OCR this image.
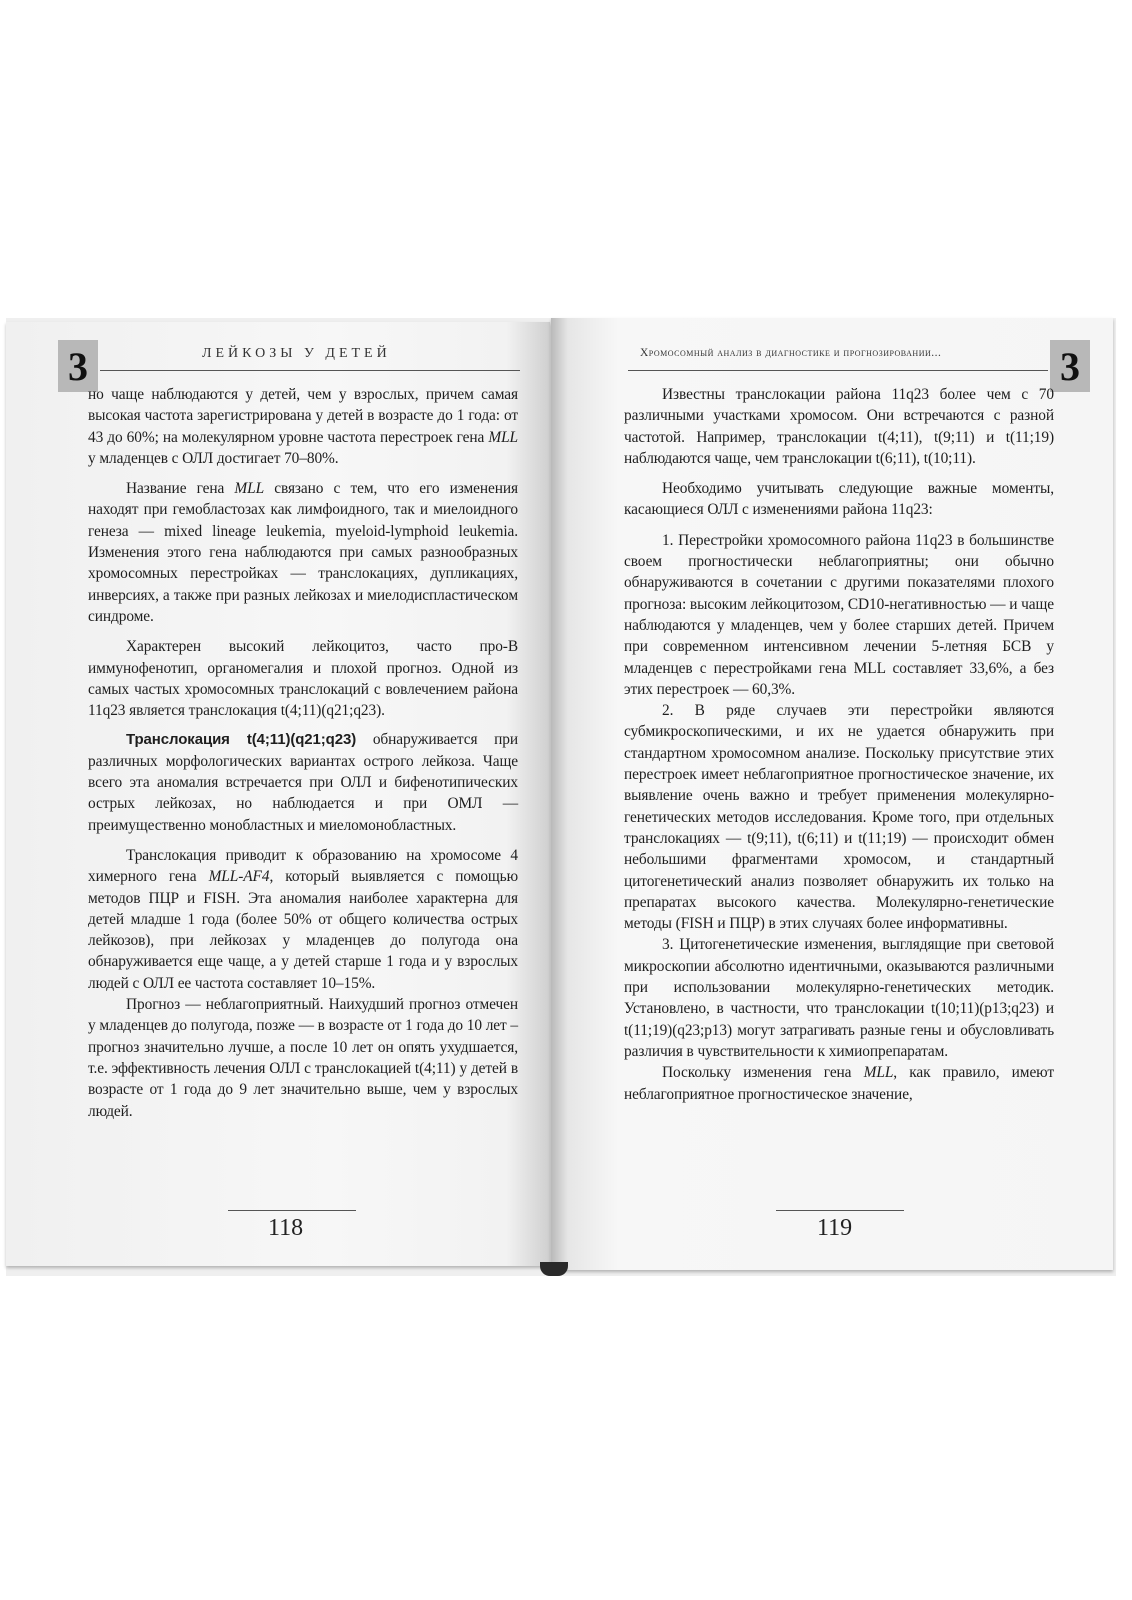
3	ЛЕЙКОЗЫ У ДЕТЕЙ	Хромосомный анализ в диагностике и прогнозировании...	3

но чаще наблюдаются у детей, чем у взрослых, причем самая высокая частота зарегистрирована у детей в возрасте до 1 года: от 43 до 60%; на молекулярном уровне частота перестроек гена MLL у младенцев с ОЛЛ достигает 70–80%.

Название гена MLL связано с тем, что его изменения находят при гемобластозах как лимфоидного, так и миелоидного генеза — mixed lineage leukemia, myeloid-lymphoid leukemia. Изменения этого гена наблюдаются при самых разнообразных хромосомных перестройках — транслокациях, дупликациях, инверсиях, а также при разных лейкозах и миелодиспластическом синдроме.

Характерен высокий лейкоцитоз, часто про-В иммунофенотип, органомегалия и плохой прогноз. Одной из самых частых хромосомных транслокаций с вовлечением района 11q23 является транслокация t(4;11)(q21;q23).

Транслокация t(4;11)(q21;q23) обнаруживается при различных морфологических вариантах острого лейкоза. Чаще всего эта аномалия встречается при ОЛЛ и бифенотипических острых лейкозах, но наблюдается и при ОМЛ — преимущественно монобластных и миеломонобластных.

Транслокация приводит к образованию на хромосоме 4 химерного гена MLL-AF4, который выявляется с помощью методов ПЦР и FISH. Эта аномалия наиболее характерна для детей младше 1 года (более 50% от общего количества острых лейкозов), при лейкозах у младенцев до полугода она обнаруживается еще чаще, а у детей старше 1 года и у взрослых людей с ОЛЛ ее частота составляет 10–15%.

Прогноз — неблагоприятный. Наихудший прогноз отмечен у младенцев до полугода, позже — в возрасте от 1 года до 10 лет – прогноз значительно лучше, а после 10 лет он опять ухудшается, т.е. эффективность лечения ОЛЛ с транслокацией t(4;11) у детей в возрасте от 1 года до 9 лет значительно выше, чем у взрослых людей.

Известны транслокации района 11q23 более чем с 70 различными участками хромосом. Они встречаются с разной частотой. Например, транслокации t(4;11), t(9;11) и t(11;19) наблюдаются чаще, чем транслокации t(6;11), t(10;11).

Необходимо учитывать следующие важные моменты, касающиеся ОЛЛ с изменениями района 11q23:

1. Перестройки хромосомного района 11q23 в большинстве своем прогностически неблагоприятны; они обычно обнаруживаются в сочетании с другими показателями плохого прогноза: высоким лейкоцитозом, CD10-негативностью — и чаще наблюдаются у младенцев, чем у более старших детей. Причем при современном интенсивном лечении 5-летняя БСВ у младенцев с перестройками гена MLL составляет 33,6%, а без этих перестроек — 60,3%.

2. В ряде случаев эти перестройки являются субмикроскопическими, и их не удается обнаружить при стандартном хромосомном анализе. Поскольку присутствие этих перестроек имеет неблагоприятное прогностическое значение, их выявление очень важно и требует применения молекулярно-генетических методов исследования. Кроме того, при отдельных транслокациях — t(9;11), t(6;11) и t(11;19) — происходит обмен небольшими фрагментами хромосом, и стандартный цитогенетический анализ позволяет обнаружить их только на препаратах высокого качества. Молекулярно-генетические методы (FISH и ПЦР) в этих случаях более информативны.

3. Цитогенетические изменения, выглядящие при световой микроскопии абсолютно идентичными, оказываются различными при использовании молекулярно-генетических методик. Установлено, в частности, что транслокации t(10;11)(p13;q23) и t(11;19)(q23;p13) могут затрагивать разные гены и обусловливать различия в чувствительности к химиопрепаратам.

Поскольку изменения гена MLL, как правило, имеют неблагоприятное прогностическое значение,

118	119
